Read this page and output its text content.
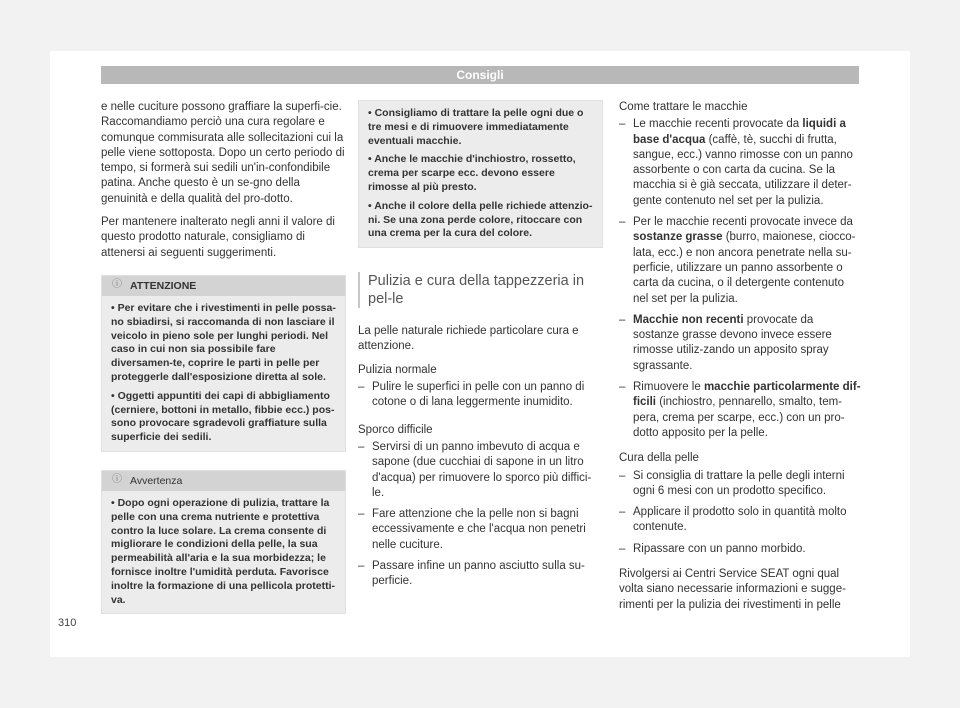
Consigli

e nelle cuciture possono graffiare la superfi-cie. Raccomandiamo perciò una cura regolare e comunque commisurata alle sollecitazioni cui la pelle viene sottoposta. Dopo un certo periodo di tempo, si formerà sui sedili un'in-confondibile patina. Anche questo è un se-gno della genuinità e della qualità del pro-dotto.

Per mantenere inalterato negli anni il valore di questo prodotto naturale, consigliamo di attenersi ai seguenti suggerimenti.

ⓘ ATTENZIONE
• Per evitare che i rivestimenti in pelle possa-no sbiadirsi, si raccomanda di non lasciare il veicolo in pieno sole per lunghi periodi. Nel caso in cui non sia possibile fare diversamen-te, coprire le parti in pelle per proteggerle dall'esposizione diretta al sole.
• Oggetti appuntiti dei capi di abbigliamento (cerniere, bottoni in metallo, fibbie ecc.) pos-sono provocare sgradevoli graffiature sulla superficie dei sedili.
ⓘ Avvertenza
• Dopo ogni operazione di pulizia, trattare la pelle con una crema nutriente e protettiva contro la luce solare. La crema consente di migliorare le condizioni della pelle, la sua permeabilità all'aria e la sua morbidezza; le fornisce inoltre l'umidità perduta. Favorisce inoltre la formazione di una pellicola protetti-va.
• Consigliamo di trattare la pelle ogni due o tre mesi e di rimuovere immediatamente eventuali macchie.
• Anche le macchie d'inchiostro, rossetto, crema per scarpe ecc. devono essere rimosse al più presto.
• Anche il colore della pelle richiede attenzio-ni. Se una zona perde colore, ritoccare con una crema per la cura del colore.
Pulizia e cura della tappezzeria in pel-le

La pelle naturale richiede particolare cura e attenzione.

Pulizia normale
– Pulire le superfici in pelle con un panno di cotone o di lana leggermente inumidito.
Sporco difficile
– Servirsi di un panno imbevuto di acqua e sapone (due cucchiai di sapone in un litro d'acqua) per rimuovere lo sporco più diffici-le.
– Fare attenzione che la pelle non si bagni eccessivamente e che l'acqua non penetri nelle cuciture.
– Passare infine un panno asciutto sulla su-perficie.
Come trattare le macchie
– Le macchie recenti provocate da liquidi a base d'acqua (caffè, tè, succhi di frutta, sangue, ecc.) vanno rimosse con un panno assorbente o con carta da cucina. Se la macchia si è già seccata, utilizzare il deter-gente contenuto nel set per la pulizia.
– Per le macchie recenti provocate invece da sostanze grasse (burro, maionese, ciocco-lata, ecc.) e non ancora penetrate nella su-perficie, utilizzare un panno assorbente o carta da cucina, o il detergente contenuto nel set per la pulizia.
– Macchie non recenti provocate da sostanze grasse devono invece essere rimosse utiliz-zando un apposito spray sgrassante.
– Rimuovere le macchie particolarmente dif-ficili (inchiostro, pennarello, smalto, tem-pera, crema per scarpe, ecc.) con un pro-dotto apposito per la pelle.
Cura della pelle
– Si consiglia di trattare la pelle degli interni ogni 6 mesi con un prodotto specifico.
– Applicare il prodotto solo in quantità molto contenute.
– Ripassare con un panno morbido.

Rivolgersi ai Centri Service SEAT ogni qual volta siano necessarie informazioni e sugge-rimenti per la pulizia dei rivestimenti in pelle

310
